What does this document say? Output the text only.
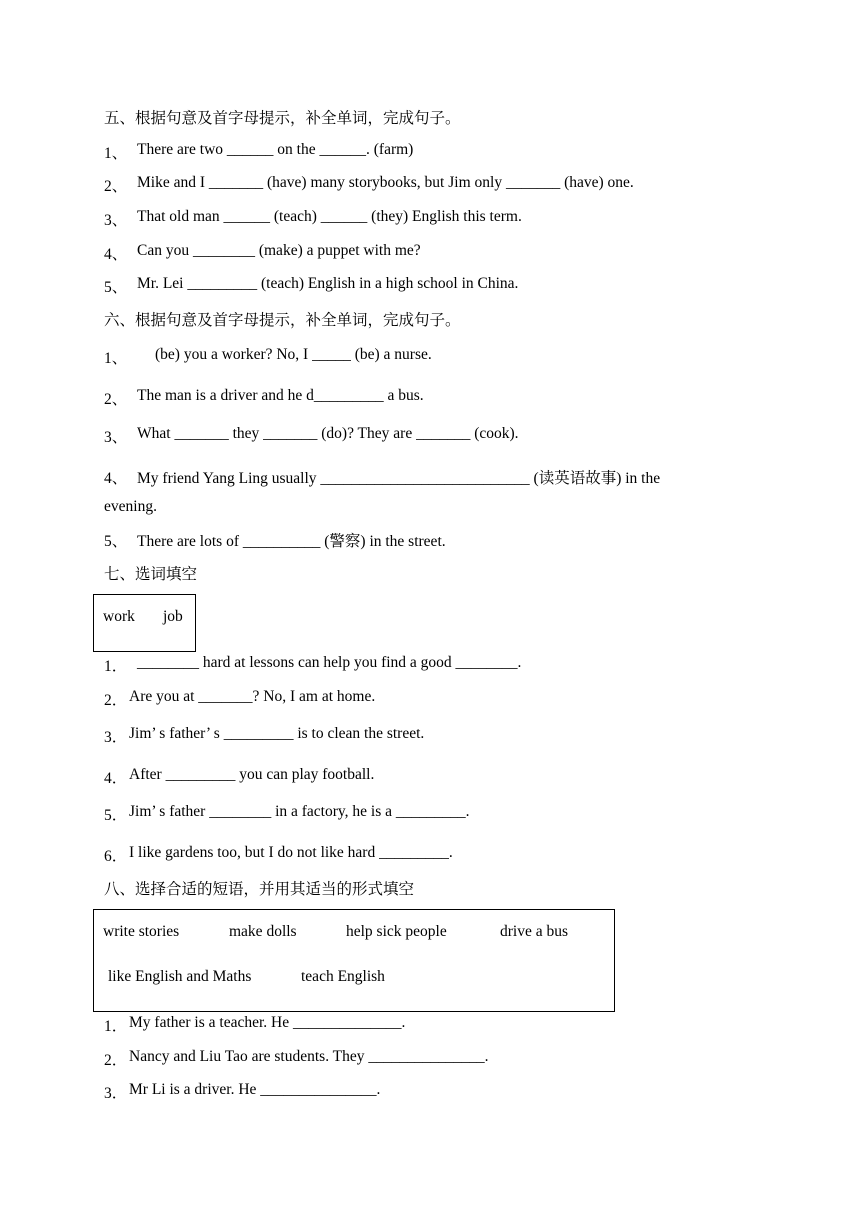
五、根据句意及首字母提示，补全单词，完成句子。
1、 There are two ______ on the ______. (farm)
2、 Mike and I _______ (have) many storybooks, but Jim only _______ (have) one.
3、 That old man ______ (teach) ______ (they) English this term.
4、 Can you ________ (make) a puppet with me?
5、 Mr. Lei _________ (teach) English in a high school in China.
六、根据句意及首字母提示，补全单词，完成句子。
1、 (be) you a worker? No, I _____ (be) a nurse.
2、 The man is a driver and he d_________ a bus.
3、 What _______ they _______ (do)? They are _______ (cook).
4、 My friend Yang Ling usually ___________________________ (读英语故事) in the
evening.
5、 There are lots of __________ (警察) in the street.
七、选词填空
work job
1． ________ hard at lessons can help you find a good ________.
2． Are you at _______? No, I am at home.
3． Jim’ s father’ s _________ is to clean the street.
4． After _________ you can play football.
5． Jim’ s father ________ in a factory, he is a _________.
6． I like gardens too, but I do not like hard _________.
八、选择合适的短语，并用其适当的形式填空
write stories	make dolls	help sick people	drive a bus
like English and Maths	teach English
1． My father is a teacher. He ______________.
2． Nancy and Liu Tao are students. They _______________.
3． Mr Li is a driver. He _______________.
